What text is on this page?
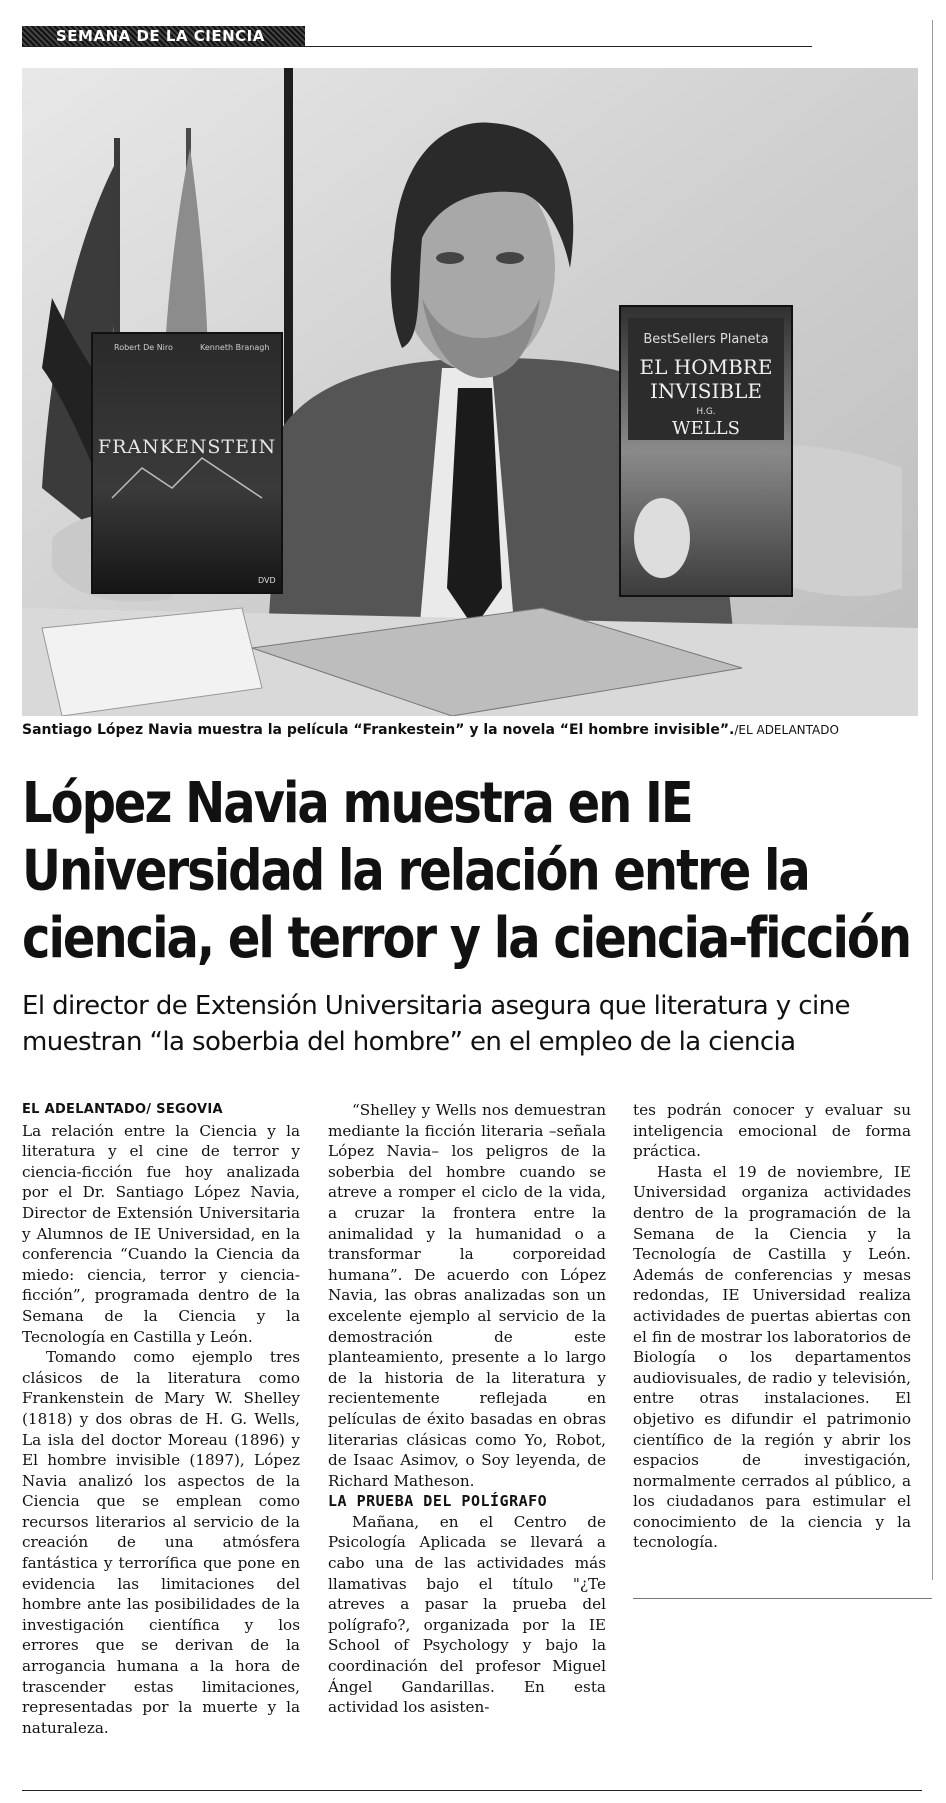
SEMANA DE LA CIENCIA
Robert De Niro	Kenneth Branagh
FRANKENSTEIN
DVD
BestSellers Planeta
EL HOMBRE
INVISIBLE
H.G.
WELLS
Santiago López Navia muestra la película “Frankestein” y la novela “El hombre invisible”./EL ADELANTADO
López Navia muestra en IE Universidad la relación entre la ciencia, el terror y la ciencia-ficción
El director de Extensión Universitaria asegura que literatura y cine muestran “la soberbia del hombre” en el empleo de la ciencia

EL ADELANTADO/ SEGOVIA

La relación entre la Ciencia y la literatura y el cine de terror y ciencia-ficción fue hoy analizada por el Dr. Santiago López Navia, Director de Extensión Universitaria y Alumnos de IE Universidad, en la conferencia “Cuando la Ciencia da miedo: ciencia, terror y ciencia-ficción”, programada dentro de la Semana de la Ciencia y la Tecnología en Castilla y León.

Tomando como ejemplo tres clásicos de la literatura como Frankenstein de Mary W. Shelley (1818) y dos obras de H. G. Wells, La isla del doctor Moreau (1896) y El hombre invisible (1897), López Navia analizó los aspectos de la Ciencia que se emplean como recursos literarios al servicio de la creación de una atmósfera fantástica y terrorífica que pone en evidencia las limitaciones del hombre ante las posibilidades de la investigación científica y los errores que se derivan de la arrogancia humana a la hora de trascender estas limitaciones, representadas por la muerte y la naturaleza.

“Shelley y Wells nos demuestran mediante la ficción literaria –señala López Navia– los peligros de la soberbia del hombre cuando se atreve a romper el ciclo de la vida, a cruzar la frontera entre la animalidad y la humanidad o a transformar la corporeidad humana”. De acuerdo con López Navia, las obras analizadas son un excelente ejemplo al servicio de la demostración de este planteamiento, presente a lo largo de la historia de la literatura y recientemente reflejada en películas de éxito basadas en obras literarias clásicas como Yo, Robot, de Isaac Asimov, o Soy leyenda, de Richard Matheson.

LA PRUEBA DEL POLÍGRAFO

Mañana, en el Centro de Psicología Aplicada se llevará a cabo una de las actividades más llamativas bajo el título "¿Te atreves a pasar la prueba del polígrafo?, organizada por la IE School of Psychology y bajo la coordinación del profesor Miguel Ángel Gandarillas. En esta actividad los asisten-

tes podrán conocer y evaluar su inteligencia emocional de forma práctica.

Hasta el 19 de noviembre, IE Universidad organiza actividades dentro de la programación de la Semana de la Ciencia y la Tecnología de Castilla y León. Además de conferencias y mesas redondas, IE Universidad realiza actividades de puertas abiertas con el fin de mostrar los laboratorios de Biología o los departamentos audiovisuales, de radio y televisión, entre otras instalaciones. El objetivo es difundir el patrimonio científico de la región y abrir los espacios de investigación, normalmente cerrados al público, a los ciudadanos para estimular el conocimiento de la ciencia y la tecnología.
